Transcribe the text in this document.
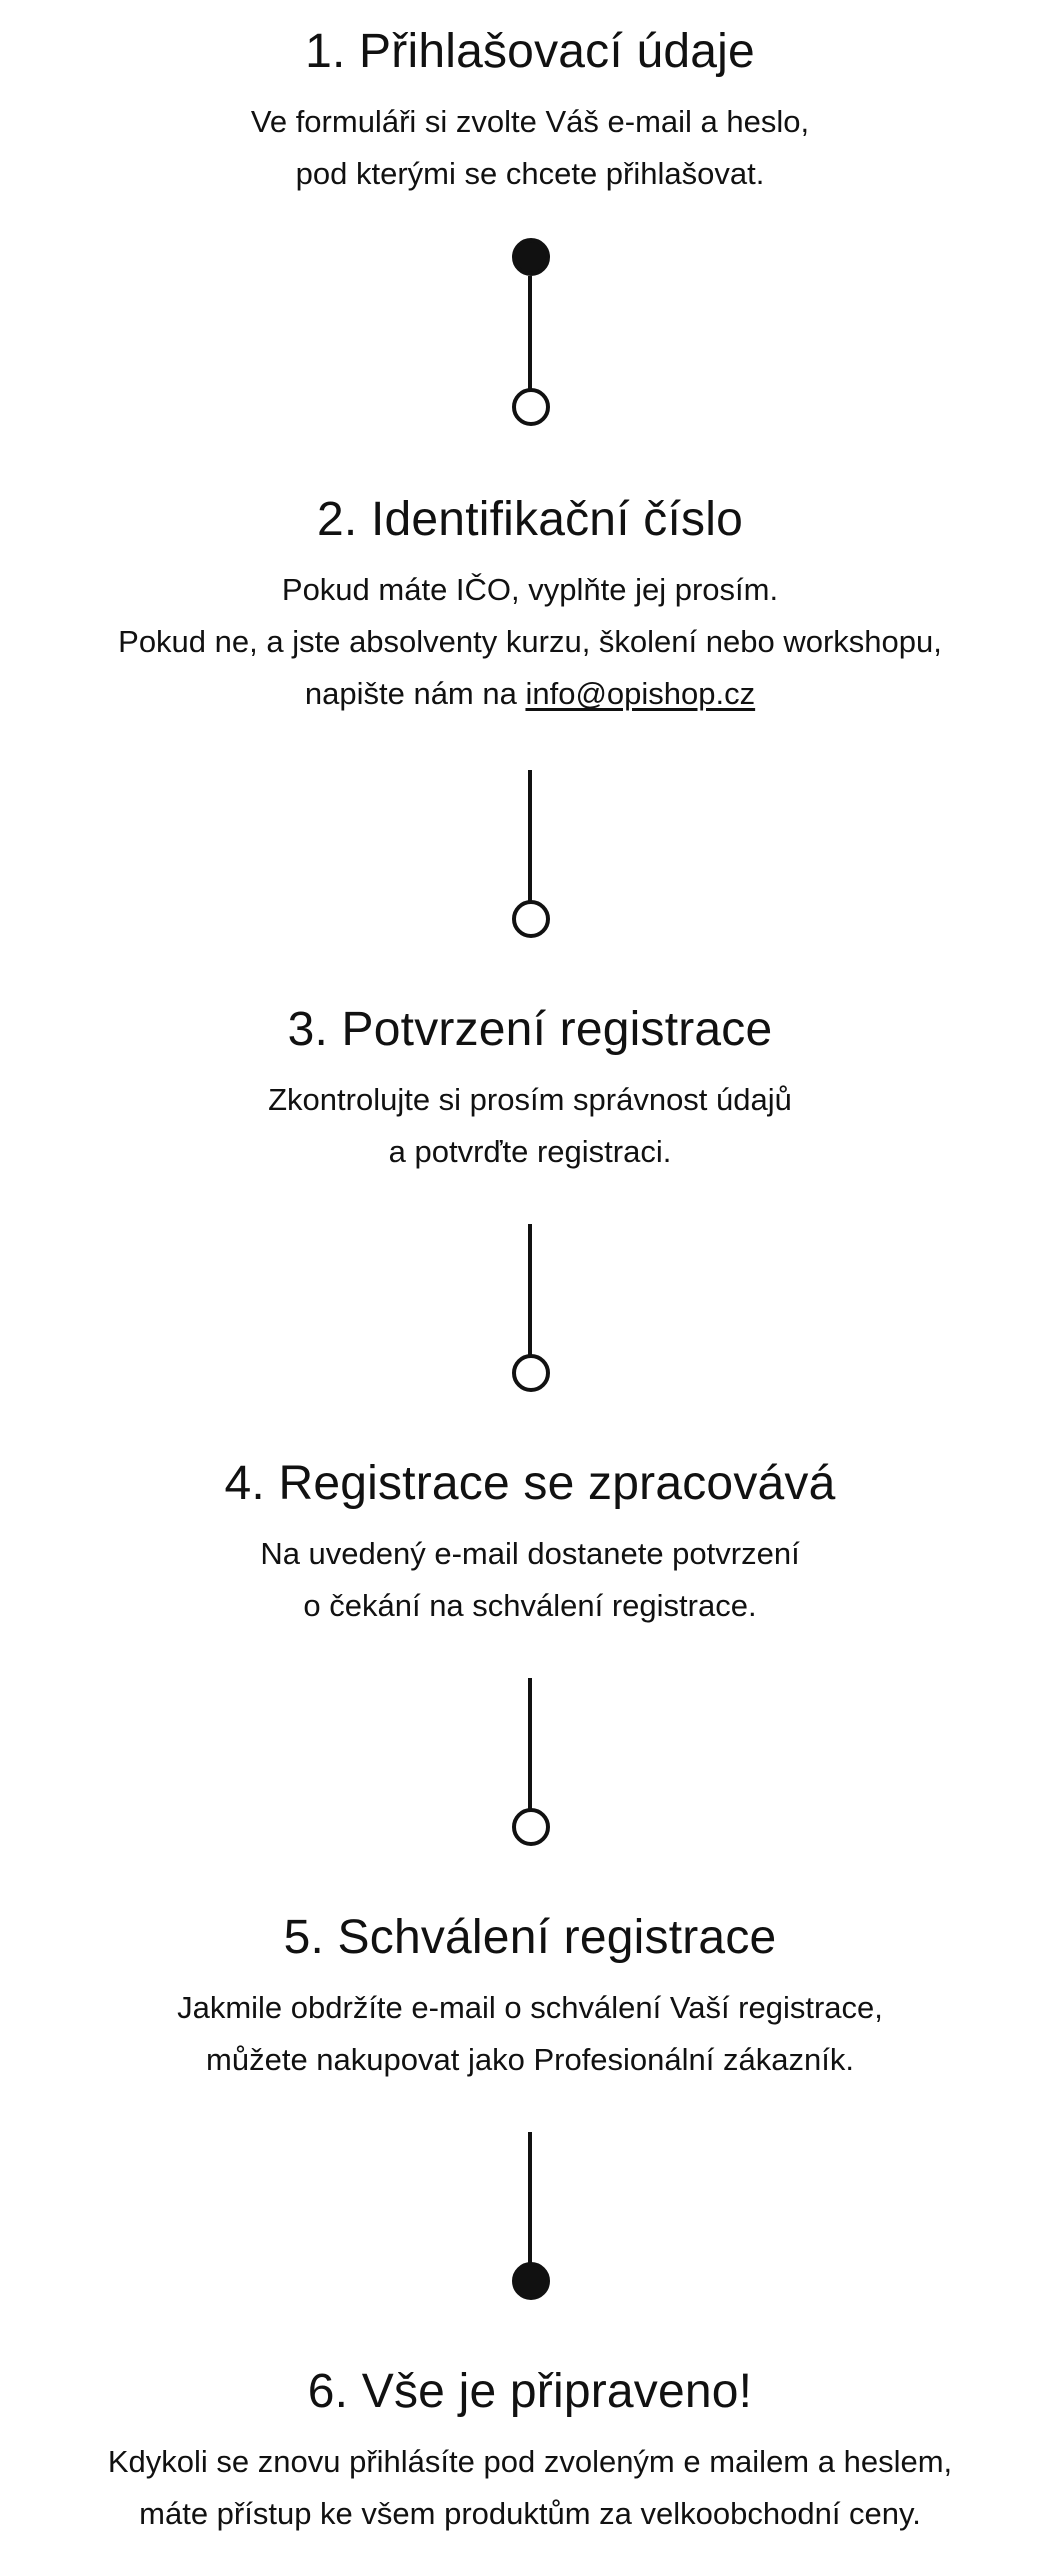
1. Přihlašovací údaje

Ve formuláři si zvolte Váš e-mail a heslo,
pod kterými se chcete přihlašovat.

2. Identifikační číslo

Pokud máte IČO, vyplňte jej prosím.
Pokud ne, a jste absolventy kurzu, školení nebo workshopu,
napište nám na info@opishop.cz

3. Potvrzení registrace

Zkontrolujte si prosím správnost údajů
a potvrďte registraci.

4. Registrace se zpracovává

Na uvedený e-mail dostanete potvrzení
o čekání na schválení registrace.

5. Schválení registrace

Jakmile obdržíte e-mail o schválení Vaší registrace,
můžete nakupovat jako Profesionální zákazník.

6. Vše je připraveno!

Kdykoli se znovu přihlásíte pod zvoleným e mailem a heslem,
máte přístup ke všem produktům za velkoobchodní ceny.
